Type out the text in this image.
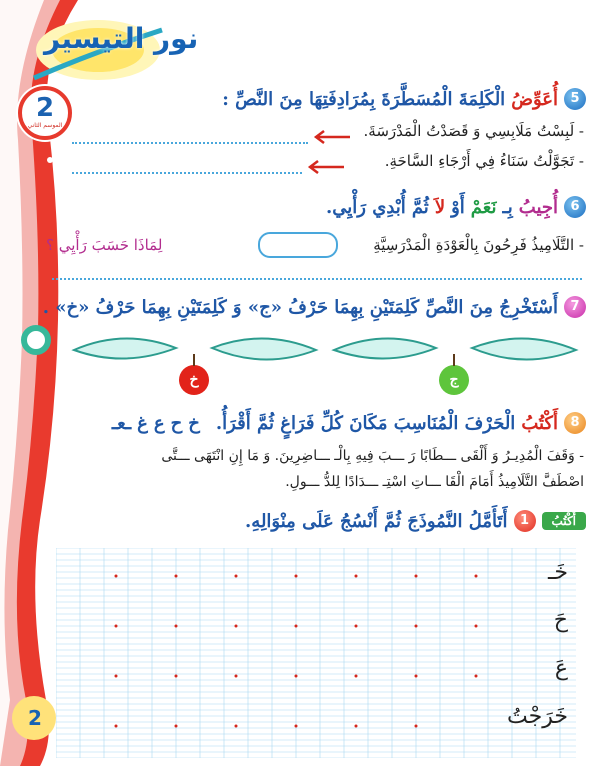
نور التيسير
2
الموسم الثاني
5
أُعَوِّضُ
الْكَلِمَةَ الْمُسَطَّرَةَ بِمُرَادِفَتِهَا مِنَ النَّصِّ :
- لَبِسْتُ مَلَابِسِي وَ قَصَدْتُ الْمَدْرَسَةَ.
- تَجَوَّلْتُ سَنَاءُ فِي أَرْجَاءِ السَّاحَةِ.
6
أُجِيبُ
بِـ
نَعَمْ
أَوْ
لاَ
ثُمَّ
أُبْدِي رَأْيِي.
- التَّلَامِيذُ فَرِحُونَ بِالْعَوْدَةِ الْمَدْرَسِيَّةِ
لِمَاذَا حَسَبَ رَأْيِي ؟
7
أَسْتَخْرِجُ مِنَ النَّصِّ كَلِمَتَيْنِ بِهِمَا حَرْفُ «ج» وَ كَلِمَتَيْنِ بِهِمَا حَرْفُ «خ» .
خ	ج
8
أَكْتُبُ
الْحَرْفَ الْمُنَاسِبَ مَكَانَ كُلِّ فَرَاغٍ ثُمَّ أَقْرَأُ.
خ
ح
ع
غ
ـعـ
- وَقَفَ الْمُدِيـرُ وَ أَلْقَى ـــطَابًا رَ ـــبَ فِيهِ بِالْـ ـــاضِرِينَ. وَ مَا إِنِ انْتَهَى ـــتَّى
اصْطَفَّ التَّلَامِيذُ أَمَامَ الْقَا ـــاتِ اسْتِـ ـــدَادًا لِلدُّ ـــولِ.
أَكْتُبُ
1
أَتَأَمَّلُ النَّمُوذَجَ ثُمَّ أَنْسُجُ عَلَى مِنْوَالِهِ.
خَـ
حَ
عَ
خَرَجْتُ
2
